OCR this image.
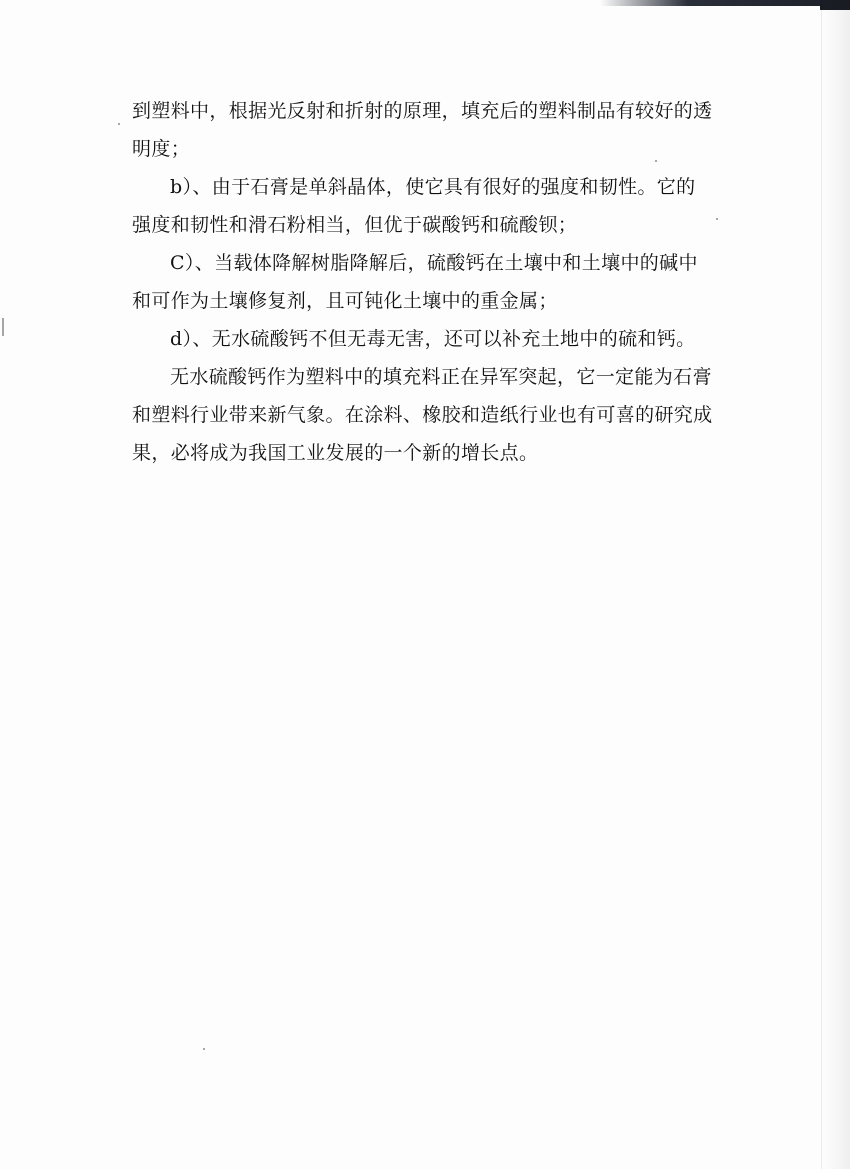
到塑料中，根据光反射和折射的原理，填充后的塑料制品有较好的透
明度；
b）、由于石膏是单斜晶体，使它具有很好的强度和韧性。它的
强度和韧性和滑石粉相当，但优于碳酸钙和硫酸钡；
C）、当载体降解树脂降解后，硫酸钙在土壤中和土壤中的碱中
和可作为土壤修复剂，且可钝化土壤中的重金属；
d）、无水硫酸钙不但无毒无害，还可以补充土地中的硫和钙。
无水硫酸钙作为塑料中的填充料正在异军突起，它一定能为石膏
和塑料行业带来新气象。在涂料、橡胶和造纸行业也有可喜的研究成
果，必将成为我国工业发展的一个新的增长点。
